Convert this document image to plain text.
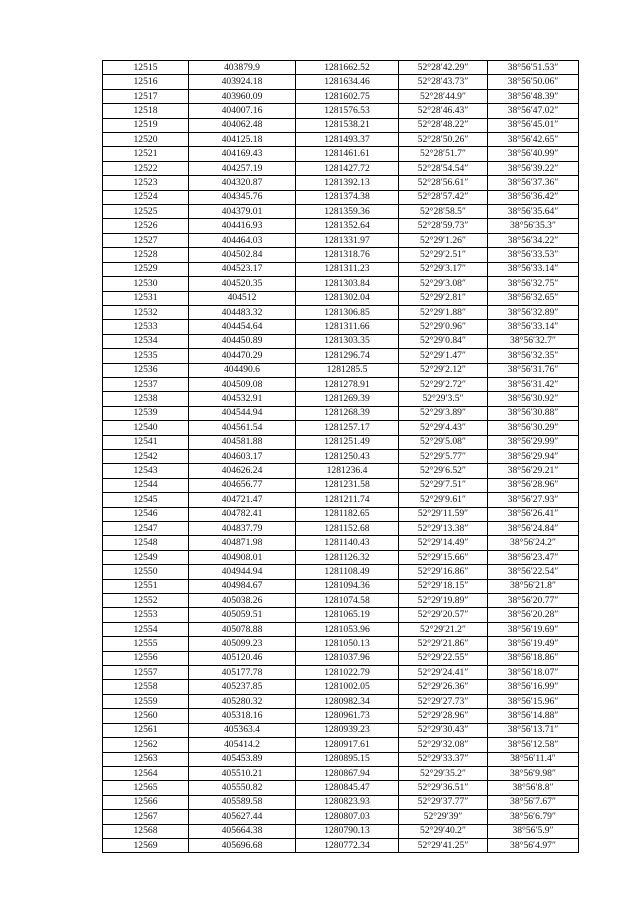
12515	403879.9	1281662.52	52°28′42.29″	38°56′51.53″
12516	403924.18	1281634.46	52°28′43.73″	38°56′50.06″
12517	403960.09	1281602.75	52°28′44.9″	38°56′48.39″
12518	404007.16	1281576.53	52°28′46.43″	38°56′47.02″
12519	404062.48	1281538.21	52°28′48.22″	38°56′45.01″
12520	404125.18	1281493.37	52°28′50.26″	38°56′42.65″
12521	404169.43	1281461.61	52°28′51.7″	38°56′40.99″
12522	404257.19	1281427.72	52°28′54.54″	38°56′39.22″
12523	404320.87	1281392.13	52°28′56.61″	38°56′37.36″
12524	404345.76	1281374.38	52°28′57.42″	38°56′36.42″
12525	404379.01	1281359.36	52°28′58.5″	38°56′35.64″
12526	404416.93	1281352.64	52°28′59.73″	38°56′35.3″
12527	404464.03	1281331.97	52°29′1.26″	38°56′34.22″
12528	404502.84	1281318.76	52°29′2.51″	38°56′33.53″
12529	404523.17	1281311.23	52°29′3.17″	38°56′33.14″
12530	404520.35	1281303.84	52°29′3.08″	38°56′32.75″
12531	404512	1281302.04	52°29′2.81″	38°56′32.65″
12532	404483.32	1281306.85	52°29′1.88″	38°56′32.89″
12533	404454.64	1281311.66	52°29′0.96″	38°56′33.14″
12534	404450.89	1281303.35	52°29′0.84″	38°56′32.7″
12535	404470.29	1281296.74	52°29′1.47″	38°56′32.35″
12536	404490.6	1281285.5	52°29′2.12″	38°56′31.76″
12537	404509.08	1281278.91	52°29′2.72″	38°56′31.42″
12538	404532.91	1281269.39	52°29′3.5″	38°56′30.92″
12539	404544.94	1281268.39	52°29′3.89″	38°56′30.88″
12540	404561.54	1281257.17	52°29′4.43″	38°56′30.29″
12541	404581.88	1281251.49	52°29′5.08″	38°56′29.99″
12542	404603.17	1281250.43	52°29′5.77″	38°56′29.94″
12543	404626.24	1281236.4	52°29′6.52″	38°56′29.21″
12544	404656.77	1281231.58	52°29′7.51″	38°56′28.96″
12545	404721.47	1281211.74	52°29′9.61″	38°56′27.93″
12546	404782.41	1281182.65	52°29′11.59″	38°56′26.41″
12547	404837.79	1281152.68	52°29′13.38″	38°56′24.84″
12548	404871.98	1281140.43	52°29′14.49″	38°56′24.2″
12549	404908.01	1281126.32	52°29′15.66″	38°56′23.47″
12550	404944.94	1281108.49	52°29′16.86″	38°56′22.54″
12551	404984.67	1281094.36	52°29′18.15″	38°56′21.8″
12552	405038.26	1281074.58	52°29′19.89″	38°56′20.77″
12553	405059.51	1281065.19	52°29′20.57″	38°56′20.28″
12554	405078.88	1281053.96	52°29′21.2″	38°56′19.69″
12555	405099.23	1281050.13	52°29′21.86″	38°56′19.49″
12556	405120.46	1281037.96	52°29′22.55″	38°56′18.86″
12557	405177.78	1281022.79	52°29′24.41″	38°56′18.07″
12558	405237.85	1281002.05	52°29′26.36″	38°56′16.99″
12559	405280.32	1280982.34	52°29′27.73″	38°56′15.96″
12560	405318.16	1280961.73	52°29′28.96″	38°56′14.88″
12561	405363.4	1280939.23	52°29′30.43″	38°56′13.71″
12562	405414.2	1280917.61	52°29′32.08″	38°56′12.58″
12563	405453.89	1280895.15	52°29′33.37″	38°56′11.4″
12564	405510.21	1280867.94	52°29′35.2″	38°56′9.98″
12565	405550.82	1280845.47	52°29′36.51″	38°56′8.8″
12566	405589.58	1280823.93	52°29′37.77″	38°56′7.67″
12567	405627.44	1280807.03	52°29′39″	38°56′6.79″
12568	405664.38	1280790.13	52°29′40.2″	38°56′5.9″
12569	405696.68	1280772.34	52°29′41.25″	38°56′4.97″
